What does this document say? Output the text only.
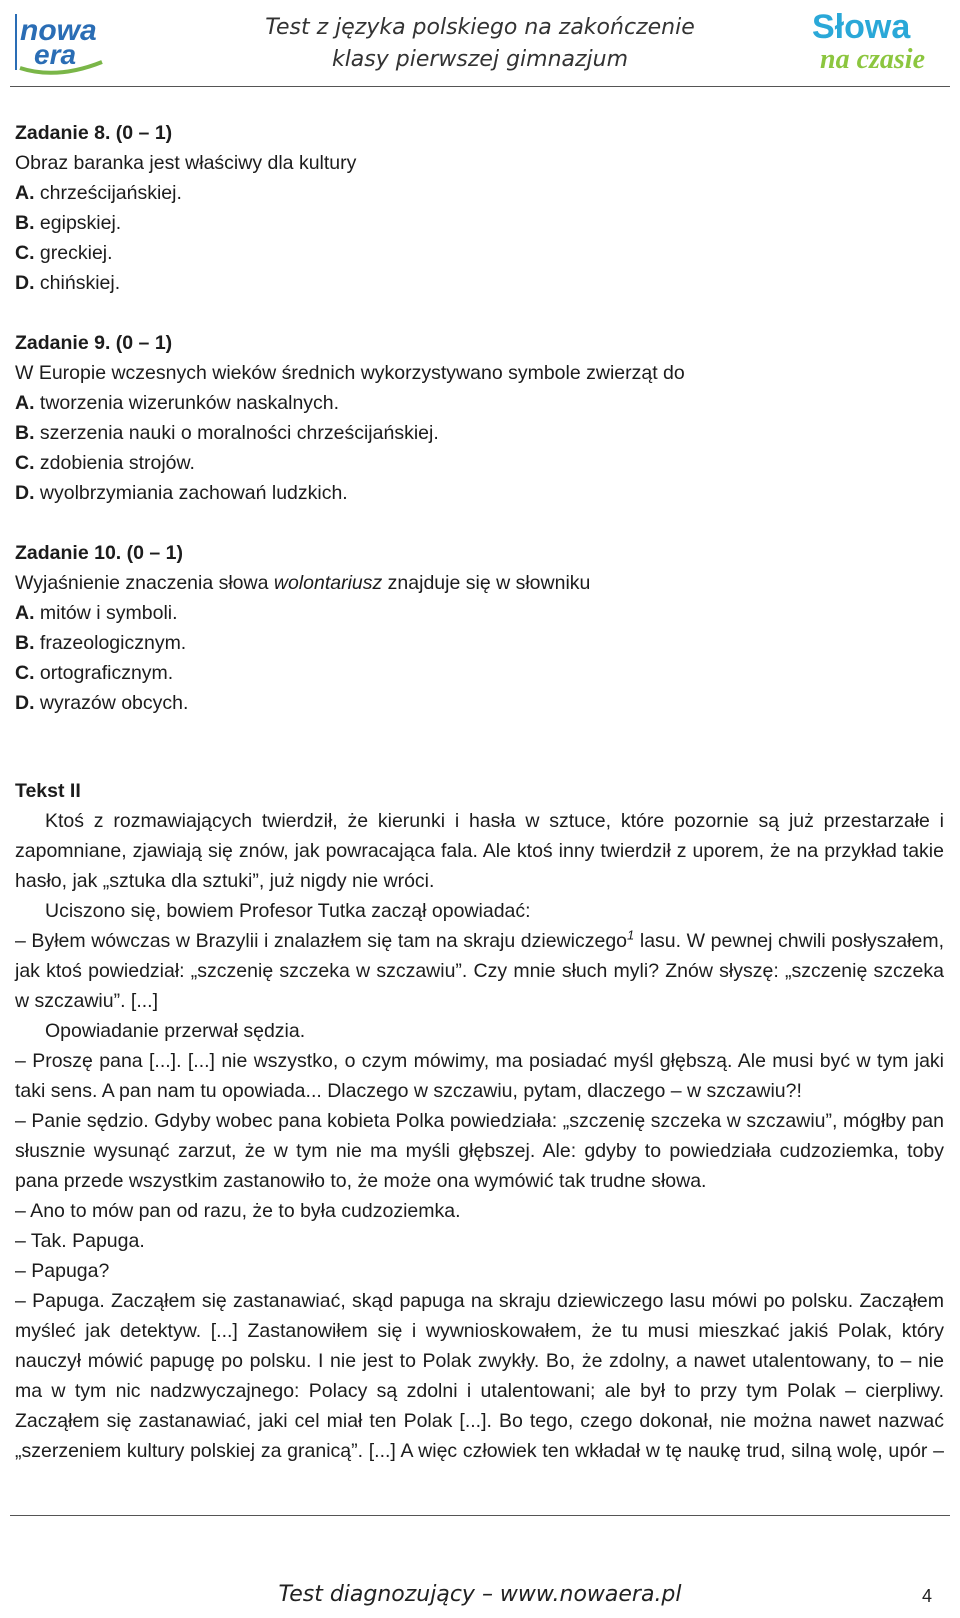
nowa
era
Test z języka polskiego na zakończenie
klasy pierwszej gimnazjum
Słowa
na czasie
Zadanie 8. (0 – 1)
Obraz baranka jest właściwy dla kultury
A. chrześcijańskiej.
B. egipskiej.
C. greckiej.
D. chińskiej.
Zadanie 9. (0 – 1)
W Europie wczesnych wieków średnich wykorzystywano symbole zwierząt do
A. tworzenia wizerunków naskalnych.
B. szerzenia nauki o moralności chrześcijańskiej.
C. zdobienia strojów.
D. wyolbrzymiania zachowań ludzkich.
Zadanie 10. (0 – 1)
Wyjaśnienie znaczenia słowa wolontariusz znajduje się w słowniku
A. mitów i symboli.
B. frazeologicznym.
C. ortograficznym.
D. wyrazów obcych.
Tekst II
Ktoś z rozmawiających twierdził, że kierunki i hasła w sztuce, które pozornie są już przestarzałe i zapomniane, zjawiają się znów, jak powracająca fala. Ale ktoś inny twierdził z uporem, że na przykład takie hasło, jak „sztuka dla sztuki”, już nigdy nie wróci.
Uciszono się, bowiem Profesor Tutka zaczął opowiadać:
– Byłem wówczas w Brazylii i znalazłem się tam na skraju dziewiczego$^1$ lasu. W pewnej chwili posłyszałem, jak ktoś powiedział: „szczenię szczeka w szczawiu”. Czy mnie słuch myli? Znów słyszę: „szczenię szczeka w szczawiu”. [...]
Opowiadanie przerwał sędzia.
– Proszę pana [...]. [...] nie wszystko, o czym mówimy, ma posiadać myśl głębszą. Ale musi być w tym jaki taki sens. A pan nam tu opowiada... Dlaczego w szczawiu, pytam, dlaczego – w szczawiu?!
– Panie sędzio. Gdyby wobec pana kobieta Polka powiedziała: „szczenię szczeka w szczawiu”, mógłby pan słusznie wysunąć zarzut, że w tym nie ma myśli głębszej. Ale: gdyby to powiedziała cudzoziemka, toby pana przede wszystkim zastanowiło to, że może ona wymówić tak trudne słowa.
– Ano to mów pan od razu, że to była cudzoziemka.
– Tak. Papuga.
– Papuga?
– Papuga. Zacząłem się zastanawiać, skąd papuga na skraju dziewiczego lasu mówi po polsku. Zacząłem myśleć jak detektyw. [...] Zastanowiłem się i wywnioskowałem, że tu musi mieszkać jakiś Polak, który nauczył mówić papugę po polsku. I nie jest to Polak zwykły. Bo, że zdolny, a nawet utalentowany, to – nie ma w tym nic nadzwyczajnego: Polacy są zdolni i utalentowani; ale był to przy tym Polak – cierpliwy. Zacząłem się zastanawiać, jaki cel miał ten Polak [...]. Bo tego, czego dokonał, nie można nawet nazwać „szerzeniem kultury polskiej za granicą”. [...] A więc człowiek ten wkładał w tę naukę trud, silną wolę, upór –
Test diagnozujący – www.nowaera.pl	4
